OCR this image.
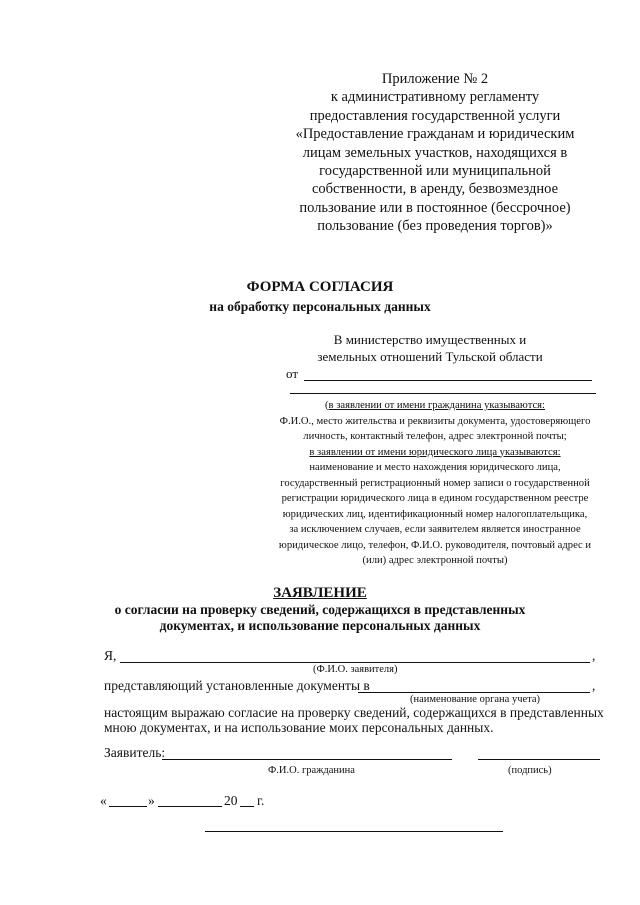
Приложение № 2
к административному регламенту
предоставления государственной услуги
«Предоставление гражданам и юридическим
лицам земельных участков, находящихся в
государственной или муниципальной
собственности, в аренду, безвозмездное
пользование или в постоянное (бессрочное)
пользование (без проведения торгов)»
ФОРМА СОГЛАСИЯ
на обработку персональных данных
В министерство имущественных и
земельных отношений Тульской области
от
(в заявлении от имени гражданина указываются:
Ф.И.О., место жительства и реквизиты документа, удостоверяющего
личность, контактный телефон, адрес электронной почты;
в заявлении от имени юридического лица указываются:
наименование и место нахождения юридического лица,
государственный регистрационный номер записи о государственной
регистрации юридического лица в едином государственном реестре
юридических лиц, идентификационный номер налогоплательщика,
за исключением случаев, если заявителем является иностранное
юридическое лицо, телефон, Ф.И.О. руководителя, почтовый адрес и
(или) адрес электронной почты)
ЗАЯВЛЕНИЕ
о согласии на проверку сведений, содержащихся в представленных
документах, и использование персональных данных
Я,	,
(Ф.И.О. заявителя)
представляющий установленные документы в	,
(наименование органа учета)
настоящим выражаю согласие на проверку сведений, содержащихся в представленных
мною документах, и на использование моих персональных данных.
Заявитель:
Ф.И.О. гражданина	(подпись)
«	»	20 г.
